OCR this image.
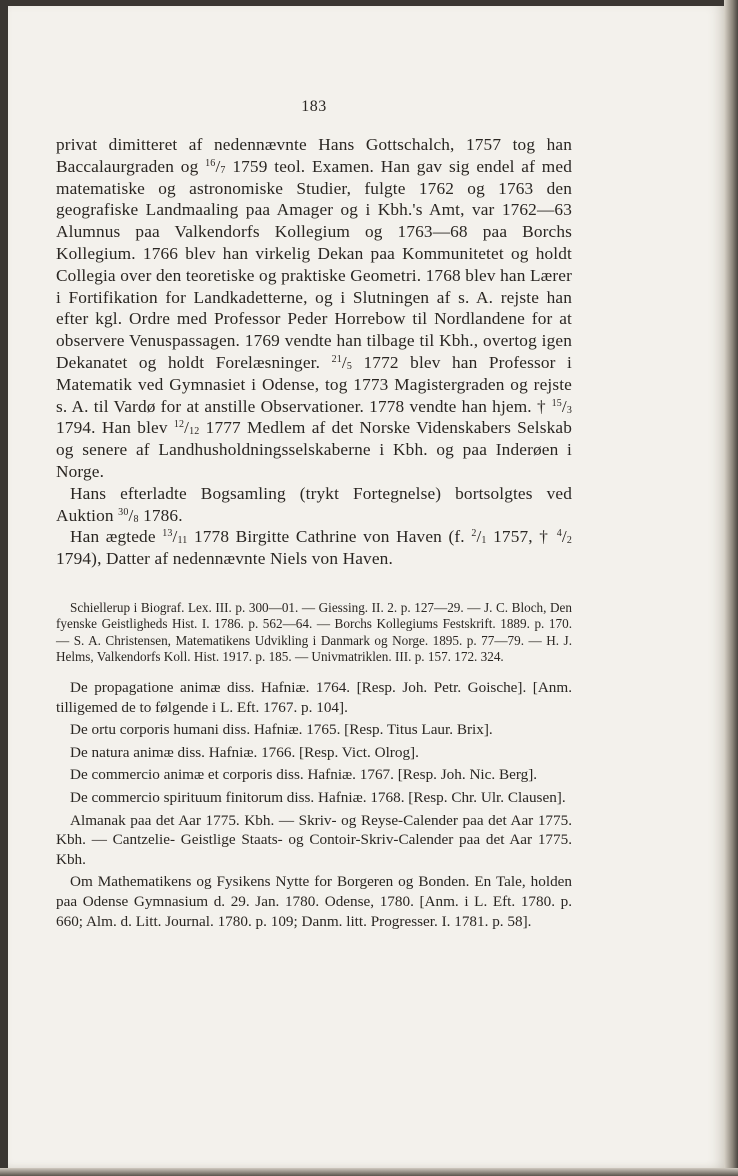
183

privat dimitteret af nedennævnte Hans Gottschalch, 1757 tog han Baccalaurgraden og $^{16}/_7$ 1759 teol. Examen. Han gav sig endel af med matematiske og astronomiske Studier, fulgte 1762 og 1763 den geografiske Landmaaling paa Amager og i Kbh.'s Amt, var 1762—63 Alumnus paa Valkendorfs Kollegium og 1763—68 paa Borchs Kollegium. 1766 blev han virkelig Dekan paa Kommunitetet og holdt Collegia over den teoretiske og praktiske Geometri. 1768 blev han Lærer i Fortifikation for Landkadetterne, og i Slutningen af s. A. rejste han efter kgl. Ordre med Professor Peder Horrebow til Nordlandene for at observere Venuspassagen. 1769 vendte han tilbage til Kbh., overtog igen Dekanatet og holdt Forelæsninger. $^{21}/_5$ 1772 blev han Professor i Matematik ved Gymnasiet i Odense, tog 1773 Magistergraden og rejste s. A. til Vardø for at anstille Observationer. 1778 vendte han hjem. † $^{15}/_3$ 1794. Han blev $^{12}/_{12}$ 1777 Medlem af det Norske Videnskabers Selskab og senere af Landhusholdningsselskaberne i Kbh. og paa Inderøen i Norge.

Hans efterladte Bogsamling (trykt Fortegnelse) bortsolgtes ved Auktion $^{30}/_8$ 1786.

Han ægtede $^{13}/_{11}$ 1778 Birgitte Cathrine von Haven (f. $^2/_1$ 1757, † $^4/_2$ 1794), Datter af nedennævnte Niels von Haven.

Schiellerup i Biograf. Lex. III. p. 300—01. — Giessing. II. 2. p. 127—29. — J. C. Bloch, Den fyenske Geistligheds Hist. I. 1786. p. 562—64. — Borchs Kollegiums Festskrift. 1889. p. 170. — S. A. Christensen, Matematikens Udvikling i Danmark og Norge. 1895. p. 77—79. — H. J. Helms, Valkendorfs Koll. Hist. 1917. p. 185. — Univmatriklen. III. p. 157. 172. 324.

De propagatione animæ diss. Hafniæ. 1764. [Resp. Joh. Petr. Goische]. [Anm. tilligemed de to følgende i L. Eft. 1767. p. 104].

De ortu corporis humani diss. Hafniæ. 1765. [Resp. Titus Laur. Brix].

De natura animæ diss. Hafniæ. 1766. [Resp. Vict. Olrog].

De commercio animæ et corporis diss. Hafniæ. 1767. [Resp. Joh. Nic. Berg].

De commercio spirituum finitorum diss. Hafniæ. 1768. [Resp. Chr. Ulr. Clausen].

Almanak paa det Aar 1775. Kbh. — Skriv- og Reyse-Calender paa det Aar 1775. Kbh. — Cantzelie- Geistlige Staats- og Contoir-Skriv-Calender paa det Aar 1775. Kbh.

Om Mathematikens og Fysikens Nytte for Borgeren og Bonden. En Tale, holden paa Odense Gymnasium d. 29. Jan. 1780. Odense, 1780. [Anm. i L. Eft. 1780. p. 660; Alm. d. Litt. Journal. 1780. p. 109; Danm. litt. Progresser. I. 1781. p. 58].
